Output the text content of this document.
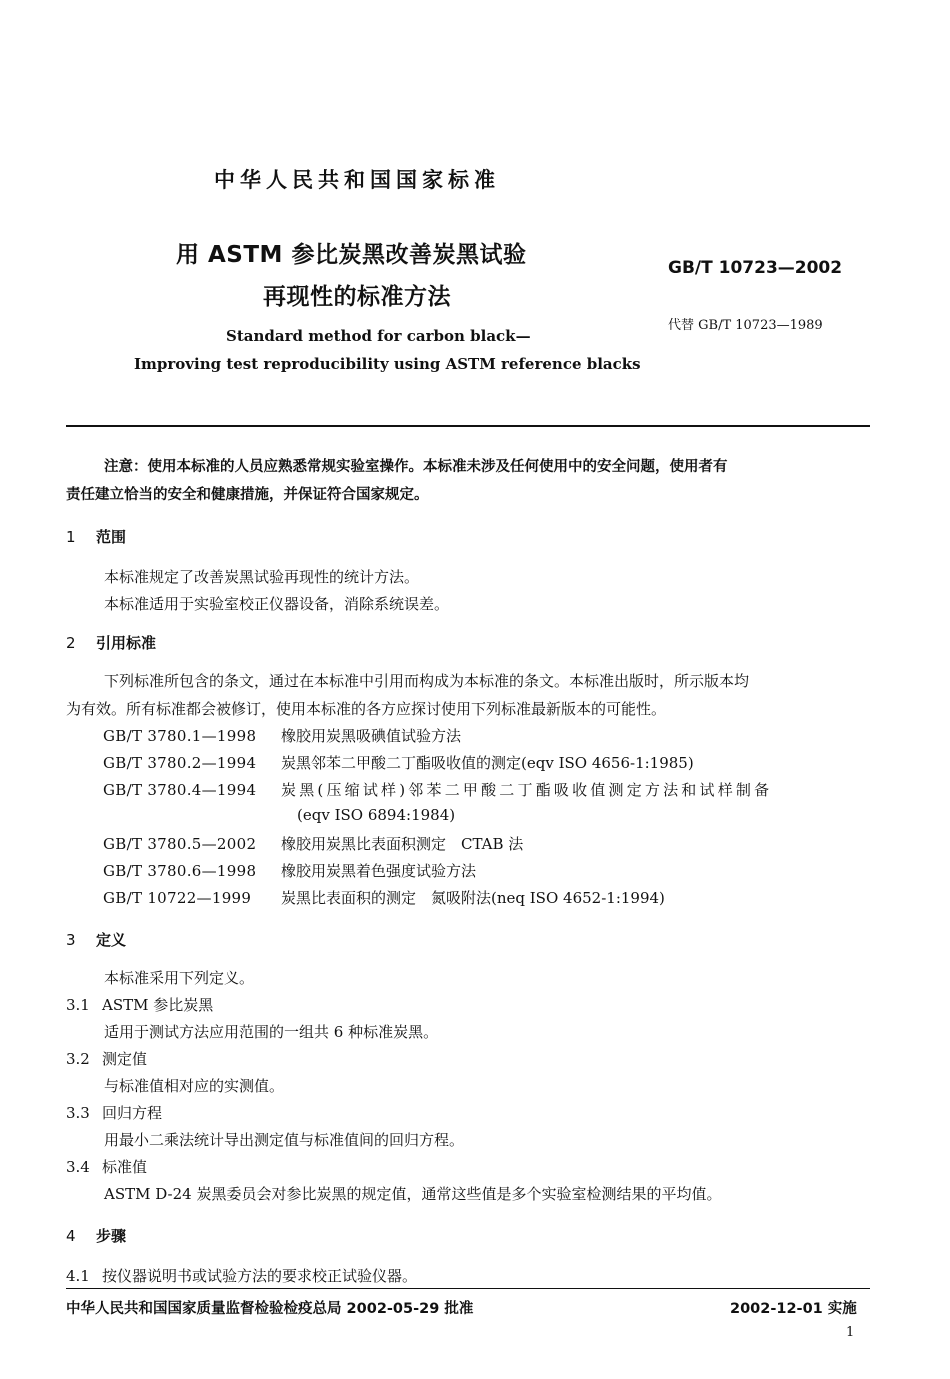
中华人民共和国国家标准
用 ASTM 参比炭黑改善炭黑试验
再现性的标准方法
Standard method for carbon black—
Improving test reproducibility using ASTM reference blacks
GB/T 10723—2002
代替 GB/T 10723—1989
注意：使用本标准的人员应熟悉常规实验室操作。本标准未涉及任何使用中的安全问题，使用者有
责任建立恰当的安全和健康措施，并保证符合国家规定。
1 范围
本标准规定了改善炭黑试验再现性的统计方法。
本标准适用于实验室校正仪器设备，消除系统误差。
2 引用标准
下列标准所包含的条文，通过在本标准中引用而构成为本标准的条文。本标准出版时，所示版本均
为有效。所有标准都会被修订，使用本标准的各方应探讨使用下列标准最新版本的可能性。
GB/T 3780.1—1998 橡胶用炭黑吸碘值试验方法
GB/T 3780.2—1994 炭黑邻苯二甲酸二丁酯吸收值的测定(eqv ISO 4656-1:1985)
GB/T 3780.4—1994 炭黑(压缩试样)邻苯二甲酸二丁酯吸收值测定方法和试样制备
(eqv ISO 6894:1984)
GB/T 3780.5—2002 橡胶用炭黑比表面积测定　CTAB 法
GB/T 3780.6—1998 橡胶用炭黑着色强度试验方法
GB/T 10722—1999 炭黑比表面积的测定　氮吸附法(neq ISO 4652-1:1994)
3 定义
本标准采用下列定义。
3.1 ASTM 参比炭黑
适用于测试方法应用范围的一组共 6 种标准炭黑。
3.2 测定值
与标准值相对应的实测值。
3.3 回归方程
用最小二乘法统计导出测定值与标准值间的回归方程。
3.4 标准值
ASTM D-24 炭黑委员会对参比炭黑的规定值，通常这些值是多个实验室检测结果的平均值。
4 步骤
4.1 按仪器说明书或试验方法的要求校正试验仪器。
中华人民共和国国家质量监督检验检疫总局 2002-05-29 批准	2002-12-01 实施
1
